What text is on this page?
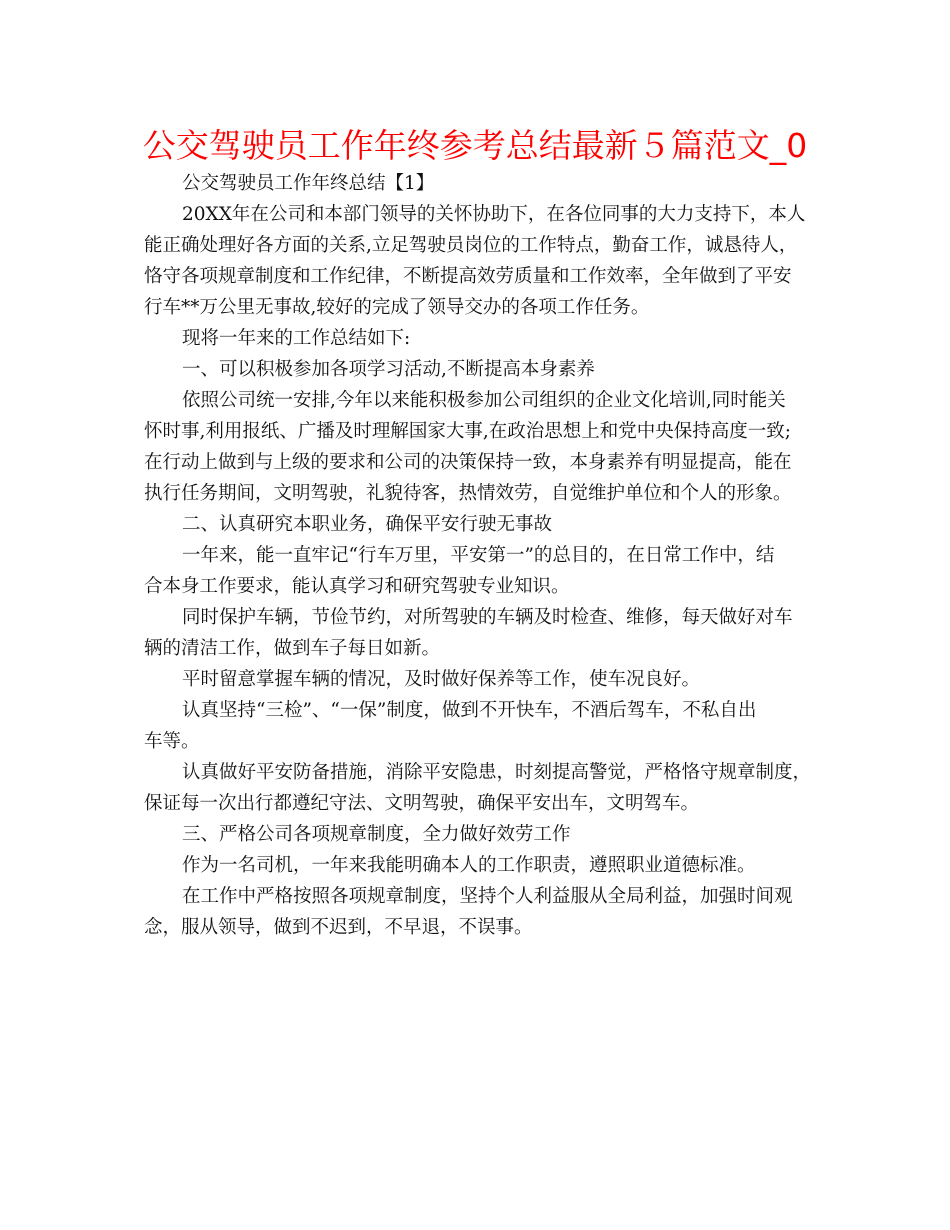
公交驾驶员工作年终参考总结最新５篇范文_0
公交驾驶员工作年终总结【1】
20XX年在公司和本部门领导的关怀协助下，在各位同事的大力支持下，本人
能正确处理好各方面的关系,立足驾驶员岗位的工作特点，勤奋工作，诚恳待人，
恪守各项规章制度和工作纪律，不断提高效劳质量和工作效率，全年做到了平安
行车**万公里无事故,较好的完成了领导交办的各项工作任务。
现将一年来的工作总结如下:
一、可以积极参加各项学习活动,不断提高本身素养
依照公司统一安排,今年以来能积极参加公司组织的企业文化培训,同时能关
怀时事,利用报纸、广播及时理解国家大事,在政治思想上和党中央保持高度一致;
在行动上做到与上级的要求和公司的决策保持一致，本身素养有明显提高，能在
执行任务期间，文明驾驶，礼貌待客，热情效劳，自觉维护单位和个人的形象。
二、认真研究本职业务，确保平安行驶无事故
一年来，能一直牢记“行车万里，平安第一”的总目的，在日常工作中，结
合本身工作要求，能认真学习和研究驾驶专业知识。
同时保护车辆，节俭节约，对所驾驶的车辆及时检查、维修，每天做好对车
辆的清洁工作，做到车子每日如新。
平时留意掌握车辆的情况，及时做好保养等工作，使车况良好。
认真坚持“三检”、“一保”制度，做到不开快车，不酒后驾车，不私自出
车等。
认真做好平安防备措施，消除平安隐患，时刻提高警觉，严格恪守规章制度，
保证每一次出行都遵纪守法、文明驾驶，确保平安出车，文明驾车。
三、严格公司各项规章制度，全力做好效劳工作
作为一名司机，一年来我能明确本人的工作职责，遵照职业道德标准。
在工作中严格按照各项规章制度，坚持个人利益服从全局利益，加强时间观
念，服从领导，做到不迟到，不早退，不误事。
